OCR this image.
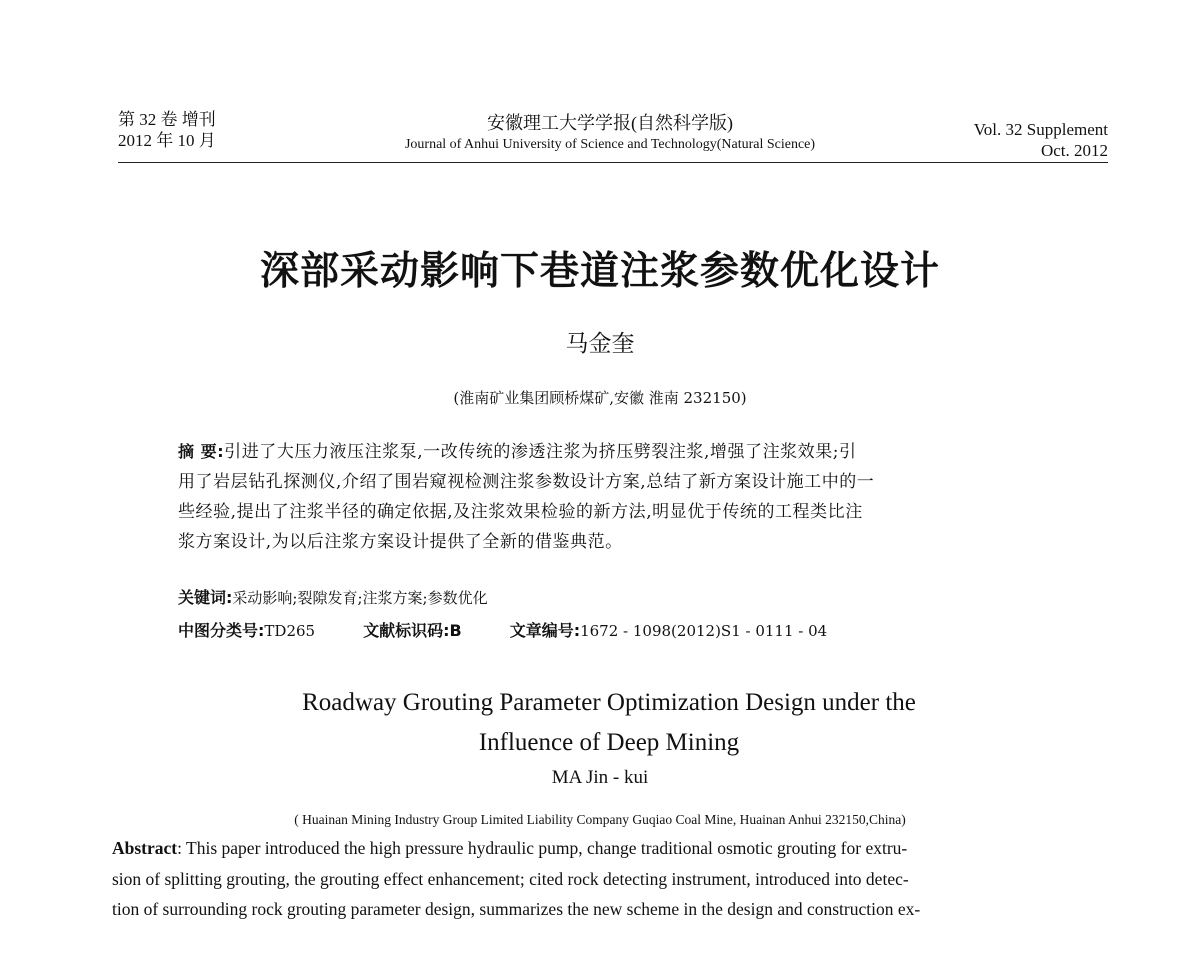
第 32 卷 增刊
2012 年 10 月
安徽理工大学学报(自然科学版)
Journal of Anhui University of Science and Technology(Natural Science)
Vol. 32 Supplement
Oct. 2012
深部采动影响下巷道注浆参数优化设计
马金奎
(淮南矿业集团顾桥煤矿,安徽 淮南 232150)

摘 要:引进了大压力液压注浆泵,一改传统的渗透注浆为挤压劈裂注浆,增强了注浆效果;引
用了岩层钻孔探测仪,介绍了围岩窥视检测注浆参数设计方案,总结了新方案设计施工中的一
些经验,提出了注浆半径的确定依据,及注浆效果检验的新方法,明显优于传统的工程类比注
浆方案设计,为以后注浆方案设计提供了全新的借鉴典范。

关键词:采动影响;裂隙发育;注浆方案;参数优化
中图分类号:TD265	文献标识码:B	文章编号:1672 - 1098(2012)S1 - 0111 - 04
Roadway Grouting Parameter Optimization Design under the
Influence of Deep Mining
MA Jin - kui
( Huainan Mining Industry Group Limited Liability Company Guqiao Coal Mine, Huainan Anhui 232150,China)

Abstract: This paper introduced the high pressure hydraulic pump, change traditional osmotic grouting for extru-
sion of splitting grouting, the grouting effect enhancement; cited rock detecting instrument, introduced into detec-
tion of surrounding rock grouting parameter design, summarizes the new scheme in the design and construction ex-
